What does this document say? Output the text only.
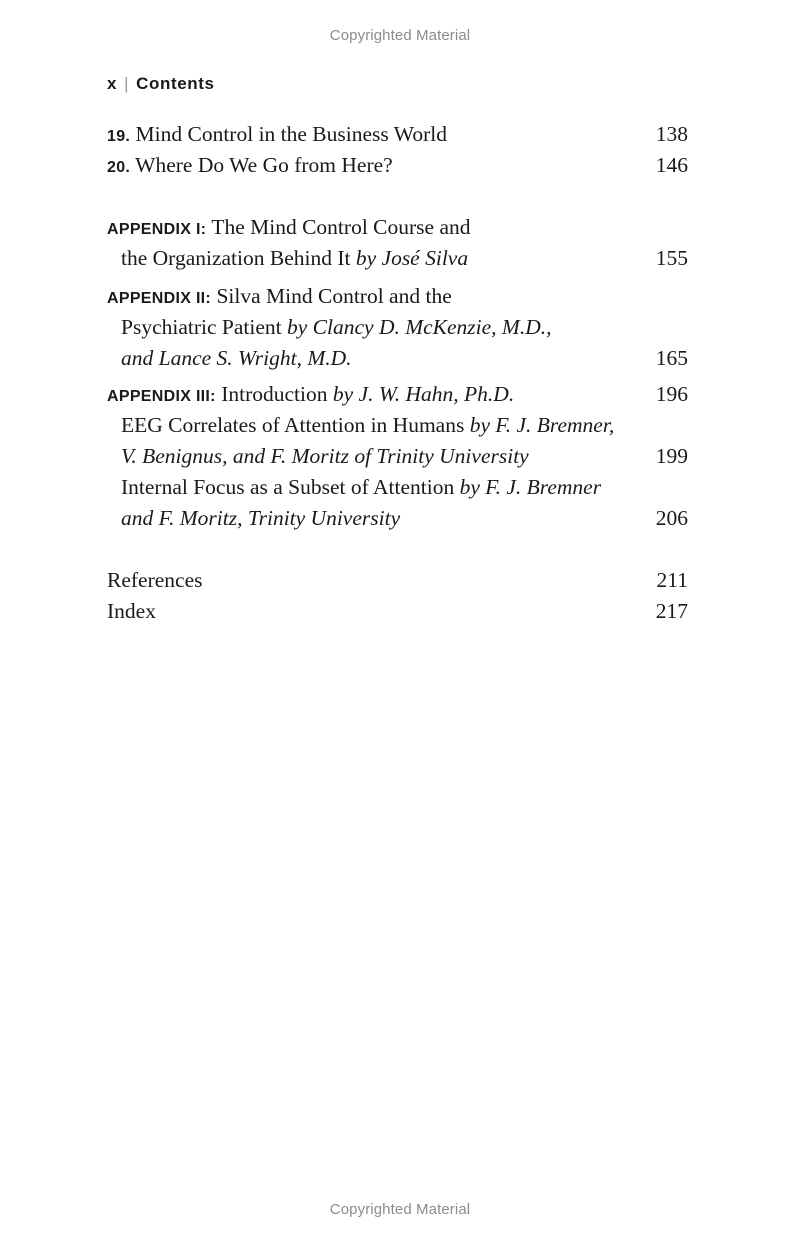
Copyrighted Material
x | Contents
19. Mind Control in the Business World	138
20. Where Do We Go from Here?	146
APPENDIX I: The Mind Control Course and
the Organization Behind It by José Silva	155
APPENDIX II: Silva Mind Control and the
Psychiatric Patient by Clancy D. McKenzie, M.D.,
and Lance S. Wright, M.D.	165
APPENDIX III: Introduction by J. W. Hahn, Ph.D.	196
EEG Correlates of Attention in Humans by F. J. Bremner,
V. Benignus, and F. Moritz of Trinity University	199
Internal Focus as a Subset of Attention by F. J. Bremner
and F. Moritz, Trinity University	206
References	211
Index	217
Copyrighted Material
